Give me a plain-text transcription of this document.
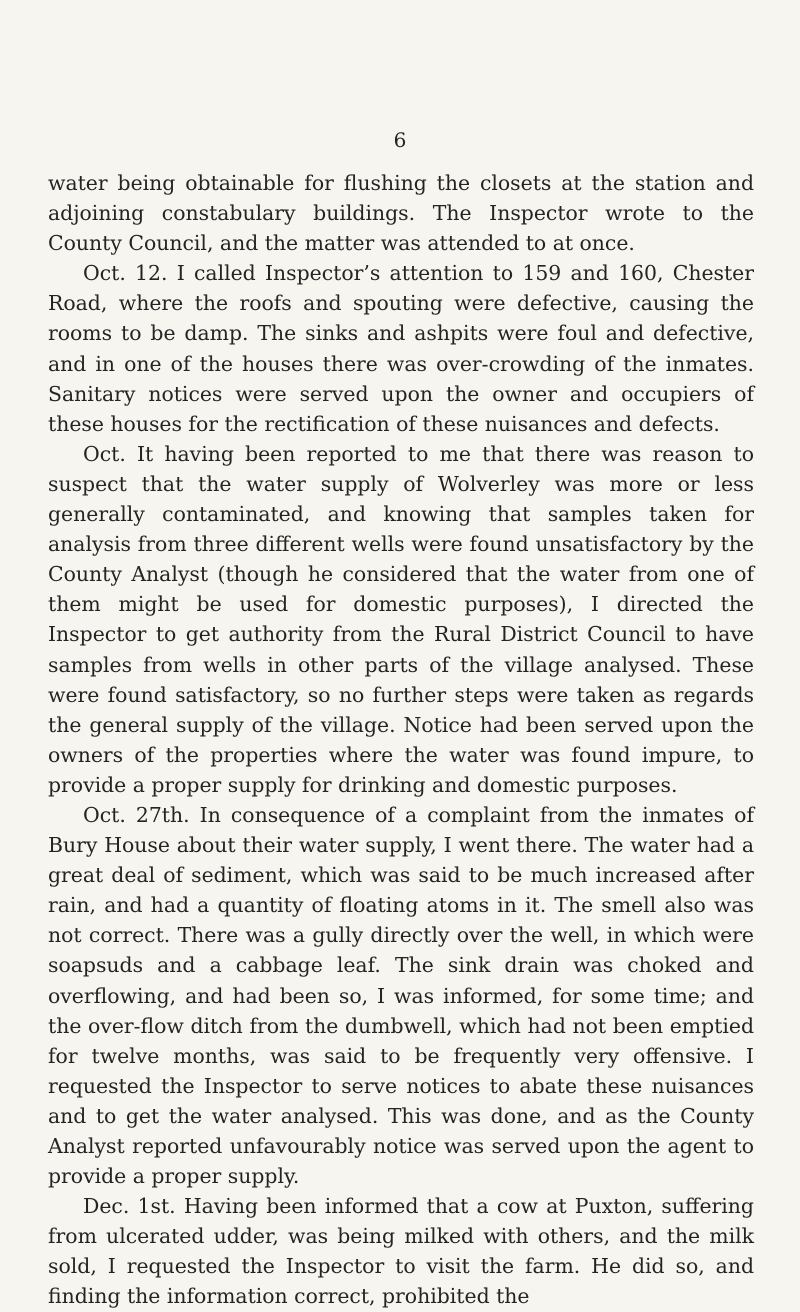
6

water being obtainable for flushing the closets at the station and adjoining constabulary buildings. The Inspector wrote to the County Council, and the matter was attended to at once.

Oct. 12. I called Inspector’s attention to 159 and 160, Chester Road, where the roofs and spouting were defective, causing the rooms to be damp. The sinks and ashpits were foul and defective, and in one of the houses there was over-crowding of the inmates. Sanitary notices were served upon the owner and occupiers of these houses for the rectification of these nuisances and defects.

Oct. It having been reported to me that there was reason to suspect that the water supply of Wolverley was more or less generally contaminated, and knowing that samples taken for analysis from three different wells were found unsatisfactory by the County Analyst (though he considered that the water from one of them might be used for domestic purposes), I directed the Inspector to get authority from the Rural District Council to have samples from wells in other parts of the village analysed. These were found satisfactory, so no further steps were taken as regards the general supply of the village. Notice had been served upon the owners of the properties where the water was found impure, to provide a proper supply for drinking and domestic purposes.

Oct. 27th. In consequence of a complaint from the inmates of Bury House about their water supply, I went there. The water had a great deal of sediment, which was said to be much increased after rain, and had a quantity of floating atoms in it. The smell also was not correct. There was a gully directly over the well, in which were soapsuds and a cabbage leaf. The sink drain was choked and overflowing, and had been so, I was informed, for some time; and the over-flow ditch from the dumbwell, which had not been emptied for twelve months, was said to be frequently very offensive. I requested the Inspector to serve notices to abate these nuisances and to get the water analysed. This was done, and as the County Analyst reported unfavourably notice was served upon the agent to provide a proper supply.

Dec. 1st. Having been informed that a cow at Puxton, suffering from ulcerated udder, was being milked with others, and the milk sold, I requested the Inspector to visit the farm. He did so, and finding the information correct, prohibited the
